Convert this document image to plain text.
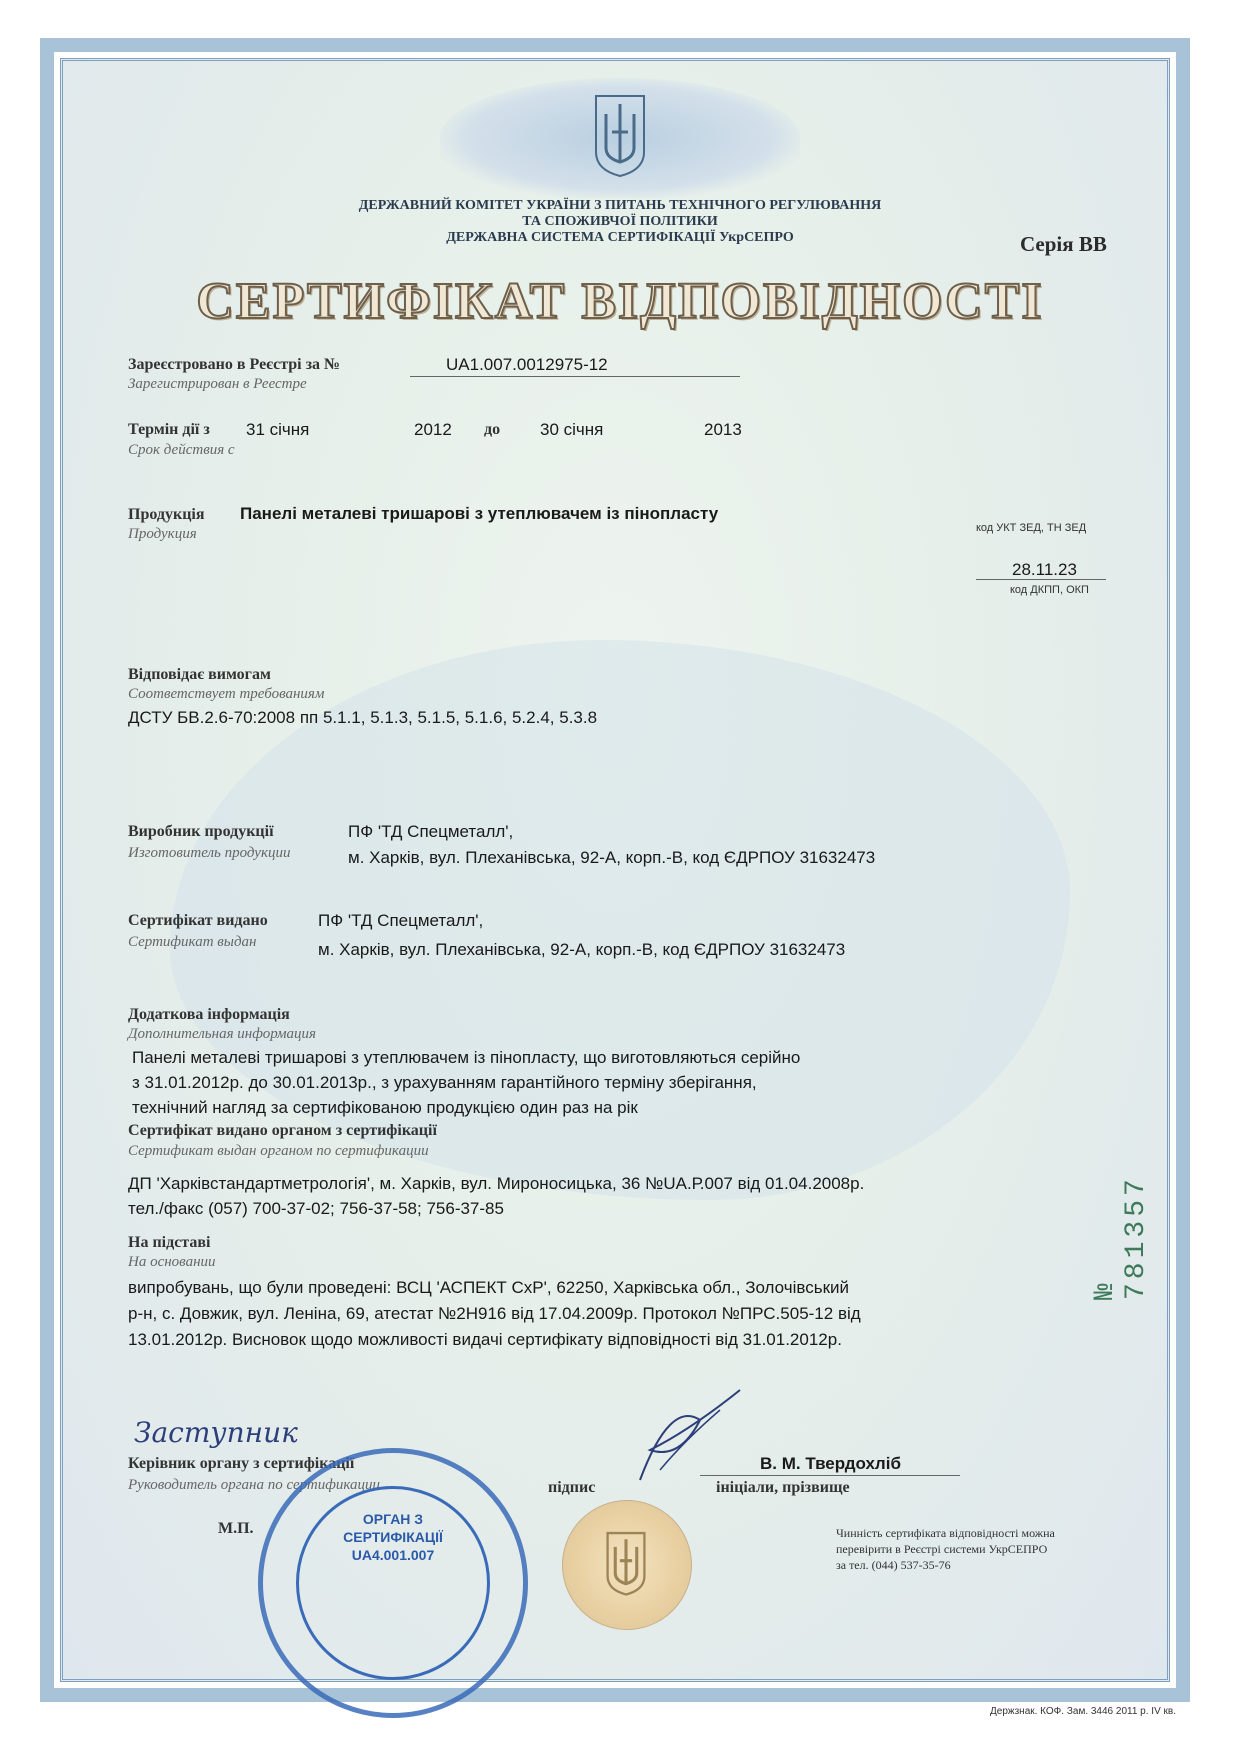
ДЕРЖАВНИЙ КОМІТЕТ УКРАЇНИ З ПИТАНЬ ТЕХНІЧНОГО РЕГУЛЮВАННЯ
ТА СПОЖИВЧОЇ ПОЛІТИКИ
ДЕРЖАВНА СИСТЕМА СЕРТИФІКАЦІЇ УкрСЕПРО	Серія ВВ
СЕРТИФІКАТ ВІДПОВІДНОСТІ
Зареєстровано в Реєстрі за №
Зарегистрирован в Реестре
UA1.007.0012975-12
Термін дії з
Срок действия с
31 січня	2012 до 30 січня	2013
Продукція
Продукция
Панелі металеві тришарові з утеплювачем із пінопласту
код УКТ ЗЕД, ТН ЗЕД
28.11.23
код ДКПП, ОКП
Відповідає вимогам
Соответствует требованиям
ДСТУ БВ.2.6-70:2008 пп 5.1.1, 5.1.3, 5.1.5, 5.1.6, 5.2.4, 5.3.8
Виробник продукції
Изготовитель продукции
ПФ 'ТД Спецметалл',
м. Харків, вул. Плеханівська, 92-А, корп.-В, код ЄДРПОУ 31632473
Сертифікат видано
Сертификат выдан
ПФ 'ТД Спецметалл',
м. Харків, вул. Плеханівська, 92-А, корп.-В, код ЄДРПОУ 31632473
Додаткова інформація
Дополнительная информация
Панелі металеві тришарові з утеплювачем із пінопласту, що виготовляються серійно
з 31.01.2012р. до 30.01.2013р., з урахуванням гарантійного терміну зберігання,
технічний нагляд за сертифікованою продукцією один раз на рік
Сертифікат видано органом з сертифікації
Сертификат выдан органом по сертификации
ДП 'Харківстандартметрологія', м. Харків, вул. Мироносицька, 36 №UA.Р.007 від 01.04.2008р.
тел./факс (057) 700-37-02; 756-37-58; 756-37-85
На підставі
На основании
випробувань, що були проведені: ВСЦ 'АСПЕКТ СхР', 62250, Харківська обл., Золочівський
р-н, с. Довжик, вул. Леніна, 69, атестат №2Н916 від 17.04.2009р. Протокол №ПРС.505-12 від
13.01.2012р. Висновок щодо можливості видачі сертифікату відповідності від 31.01.2012р.
№ 781357
Заступник
Керівник органу з сертифікації
Руководитель органа по сертификации
В. М. Твердохліб
підпис	ініціали, прізвище
М.П.
ОРГАН З
СЕРТИФІКАЦІЇ
UA4.001.007
Чинність сертифіката відповідності можна
перевірити в Реєстрі системи УкрСЕПРО
за тел. (044) 537-35-76
Держзнак. КОФ. Зам. 3446 2011 р. IV кв.
